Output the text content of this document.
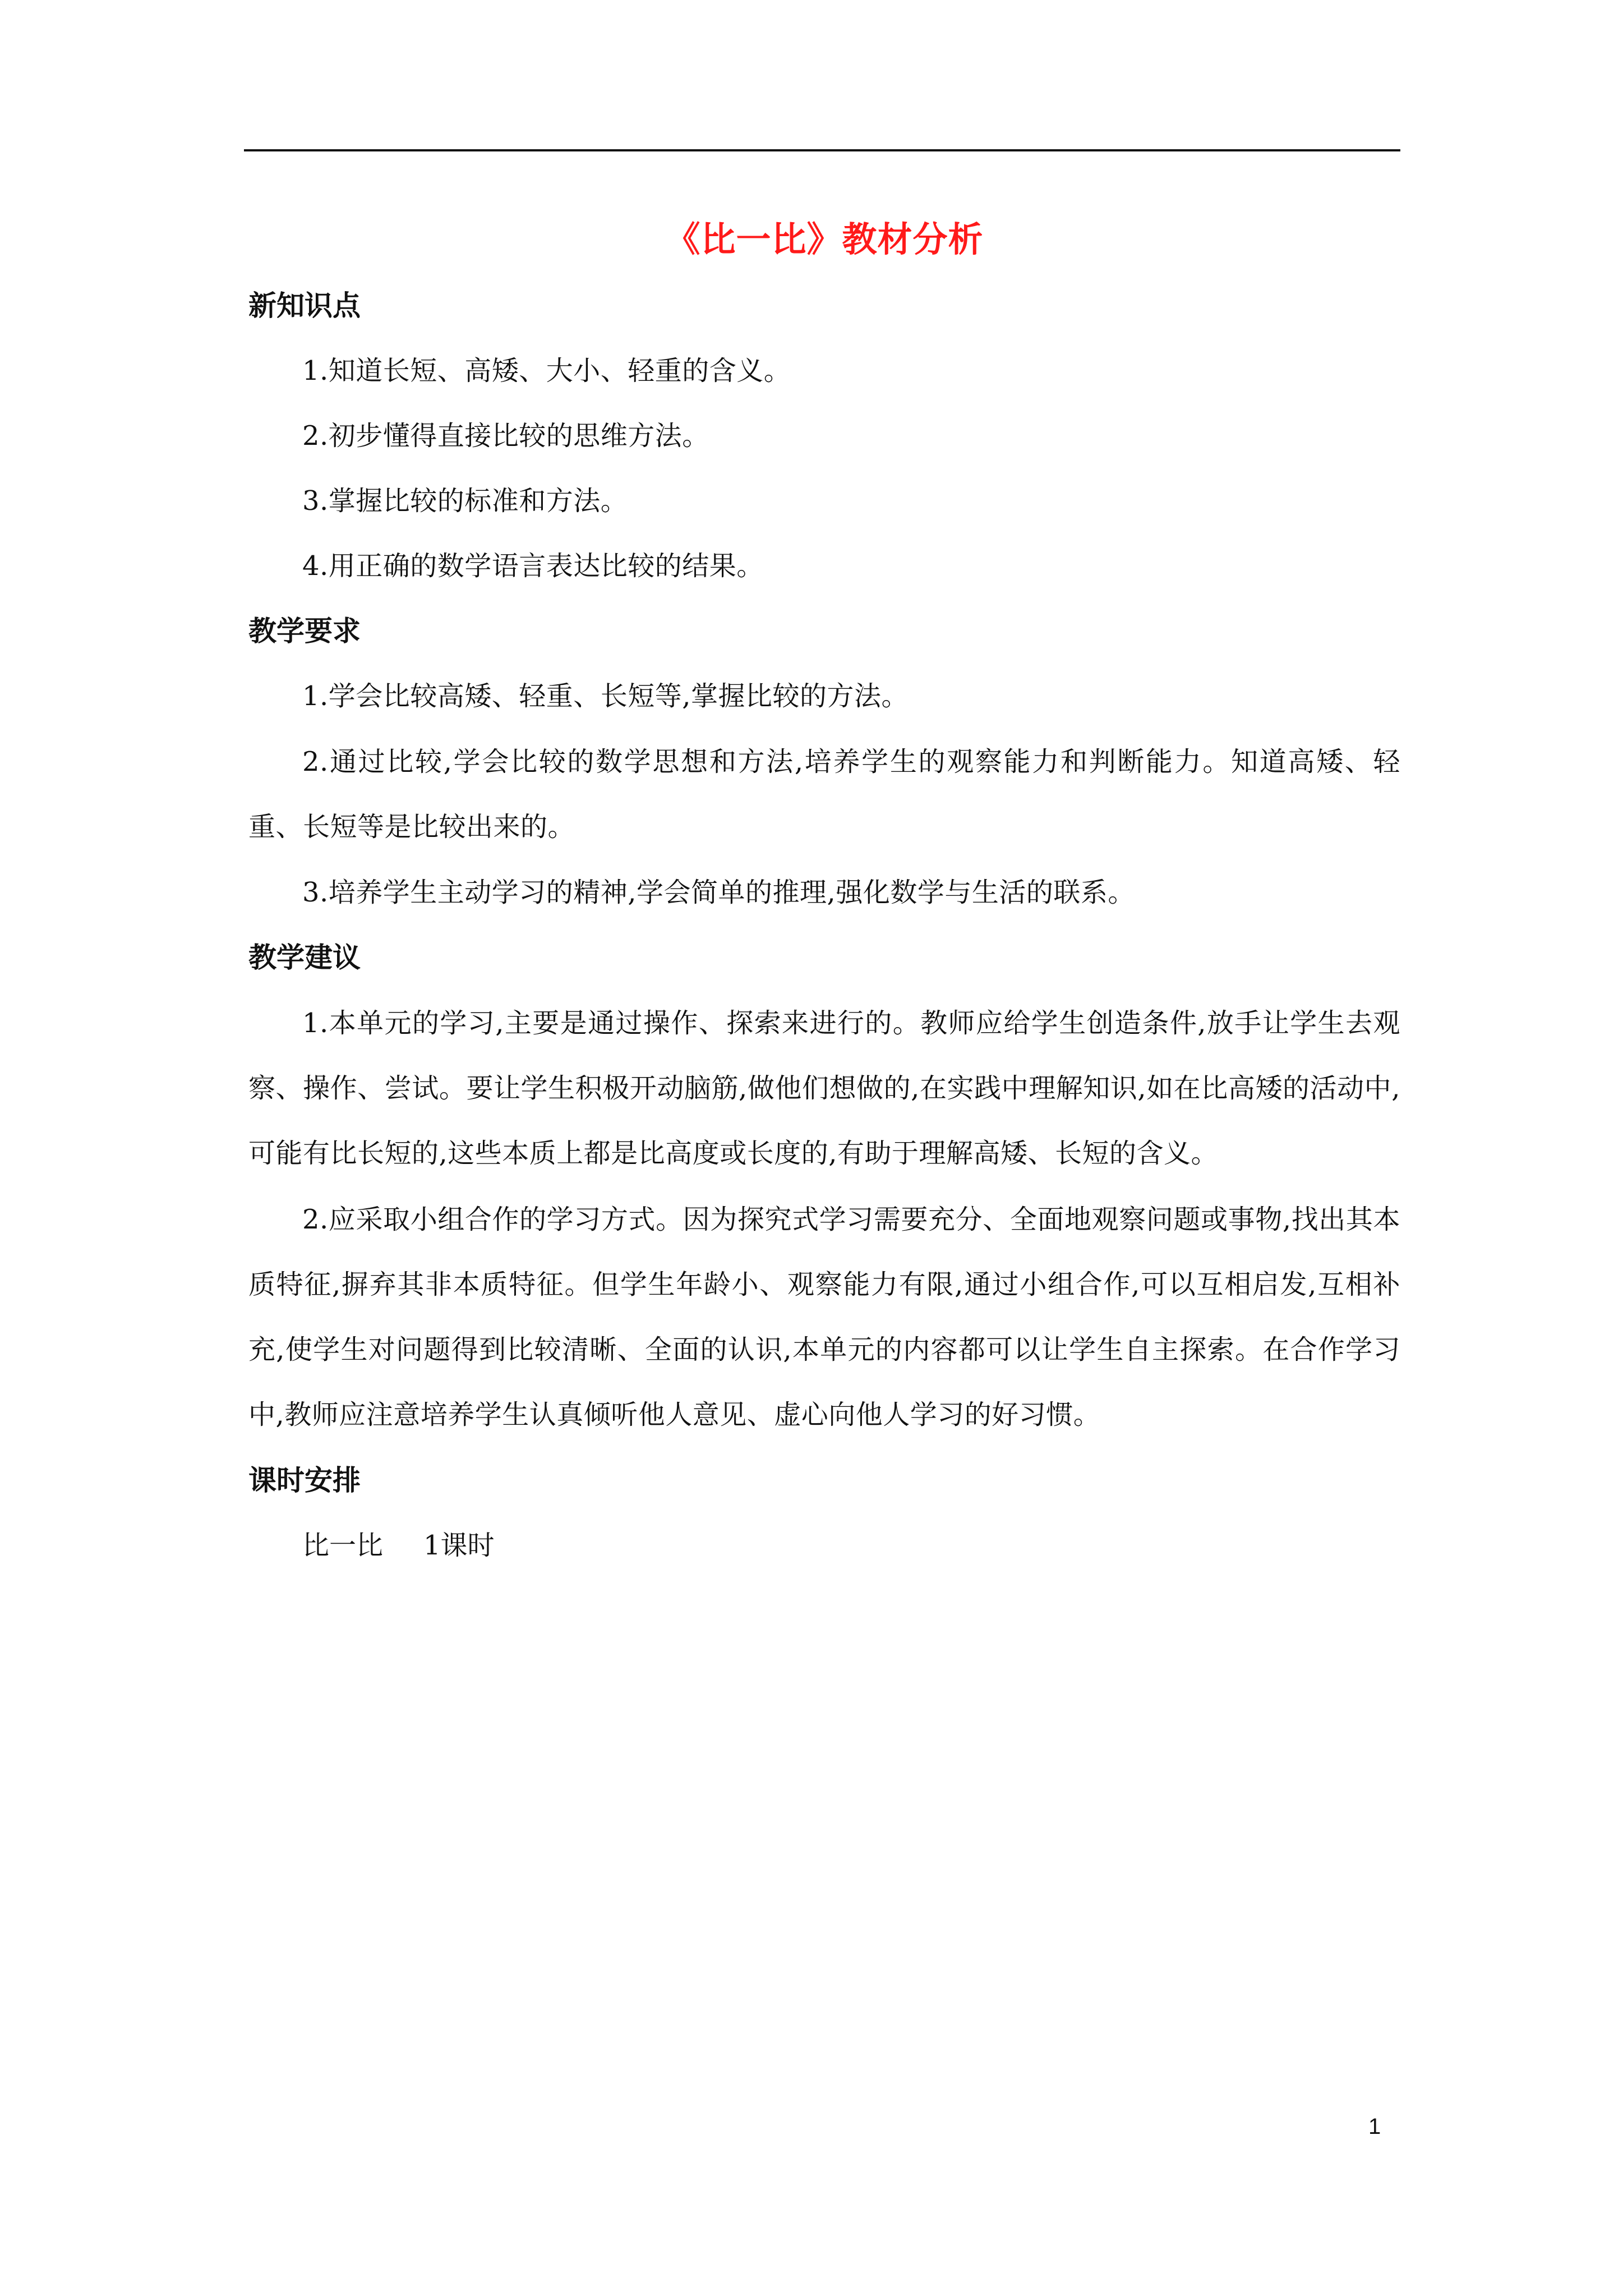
《比一比》教材分析
新知识点

1.知道长短、高矮、大小、轻重的含义。

2.初步懂得直接比较的思维方法。

3.掌握比较的标准和方法。

4.用正确的数学语言表达比较的结果。

教学要求

1.学会比较高矮、轻重、长短等,掌握比较的方法。

2.通过比较,学会比较的数学思想和方法,培养学生的观察能力和判断能力。知道高矮、轻重、长短等是比较出来的。

3.培养学生主动学习的精神,学会简单的推理,强化数学与生活的联系。

教学建议

1.本单元的学习,主要是通过操作、探索来进行的。教师应给学生创造条件,放手让学生去观察、操作、尝试。要让学生积极开动脑筋,做他们想做的,在实践中理解知识,如在比高矮的活动中,可能有比长短的,这些本质上都是比高度或长度的,有助于理解高矮、长短的含义。

2.应采取小组合作的学习方式。因为探究式学习需要充分、全面地观察问题或事物,找出其本质特征,摒弃其非本质特征。但学生年龄小、观察能力有限,通过小组合作,可以互相启发,互相补充,使学生对问题得到比较清晰、全面的认识,本单元的内容都可以让学生自主探索。在合作学习中,教师应注意培养学生认真倾听他人意见、虚心向他人学习的好习惯。

课时安排

比一比 1课时

1
